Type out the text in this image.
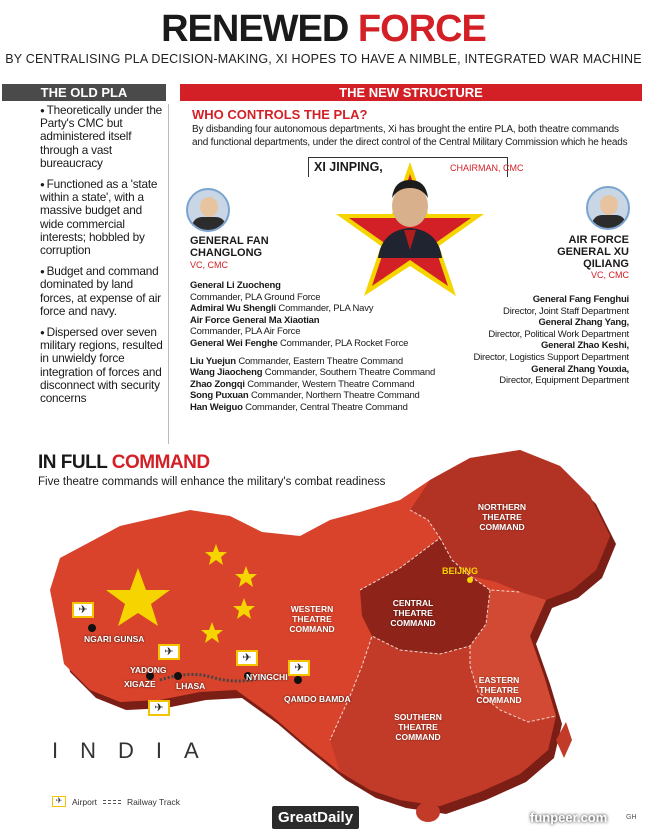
RENEWED FORCE
BY CENTRALISING PLA DECISION-MAKING, XI HOPES TO HAVE A NIMBLE, INTEGRATED WAR MACHINE
THE OLD PLA
● Theoretically under the Party's CMC but administered itself through a vast bureaucracy
● Functioned as a 'state within a state', with a massive budget and wide commercial interests; hobbled by corruption
● Budget and command dominated by land forces, at expense of air force and navy.
● Dispersed over seven military regions, resulted in unwieldy force integration of forces and disconnect with security concerns
THE NEW STRUCTURE
WHO CONTROLS THE PLA?
By disbanding four autonomous departments, Xi has brought the entire PLA, both theatre commands and functional departments, under the direct control of the Central Military Commission which he heads
XI JINPING,	CHAIRMAN, CMC
GENERAL FAN
CHANGLONG
VC, CMC
AIR FORCE
GENERAL XU
QILIANG
VC, CMC
General Li Zuocheng
Commander, PLA Ground Force
Admiral Wu Shengli Commander, PLA Navy
Air Force General Ma Xiaotian
Commander, PLA Air Force
General Wei Fenghe Commander, PLA Rocket Force
Liu Yuejun Commander, Eastern Theatre Command
Wang Jiaocheng Commander, Southern Theatre Command
Zhao Zongqi Commander, Western Theatre Command
Song Puxuan Commander, Northern Theatre Command
Han Weiguo Commander, Central Theatre Command
General Fang Fenghui
Director, Joint Staff Department
General Zhang Yang,
Director, Political Work Department
General Zhao Keshi,
Director, Logistics Support Department
General Zhang Youxia,
Director, Equipment Department
IN FULL COMMAND
Five theatre commands will enhance the military's combat readiness
NORTHERN THEATRE COMMAND
WESTERN THEATRE COMMAND
CENTRAL THEATRE COMMAND
EASTERN THEATRE COMMAND
SOUTHERN THEATRE COMMAND
BEIJING
NGARI GUNSA
YADONG
XIGAZE LHASA
NYINGCHI
QAMDO BAMDA
✈
✈	✈
✈
✈
INDIA
✈	Airport	Railway Track
GreatDaily	funpeer.com	GH
